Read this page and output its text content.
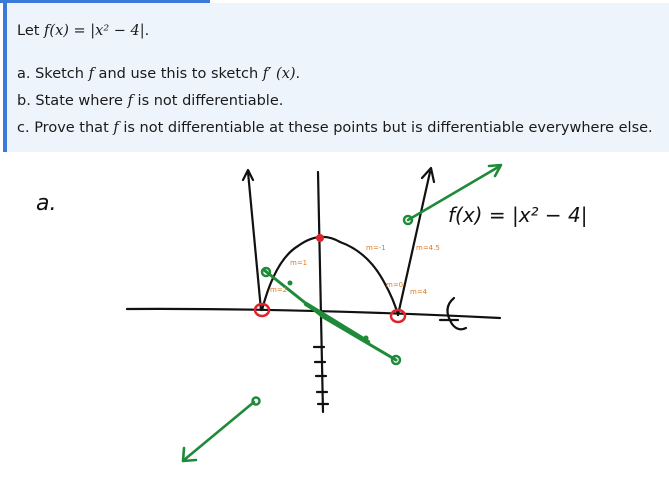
Let f(x) = |x² − 4|.
a. Sketch f and use this to sketch f′ (x).
b. State where f is not differentiable.
c. Prove that f is not differentiable at these points but is differentiable everywhere else.
a.
m=1
m=2
m=-1	m=4.5
m=0
m=4
f(x) = |x² − 4|
